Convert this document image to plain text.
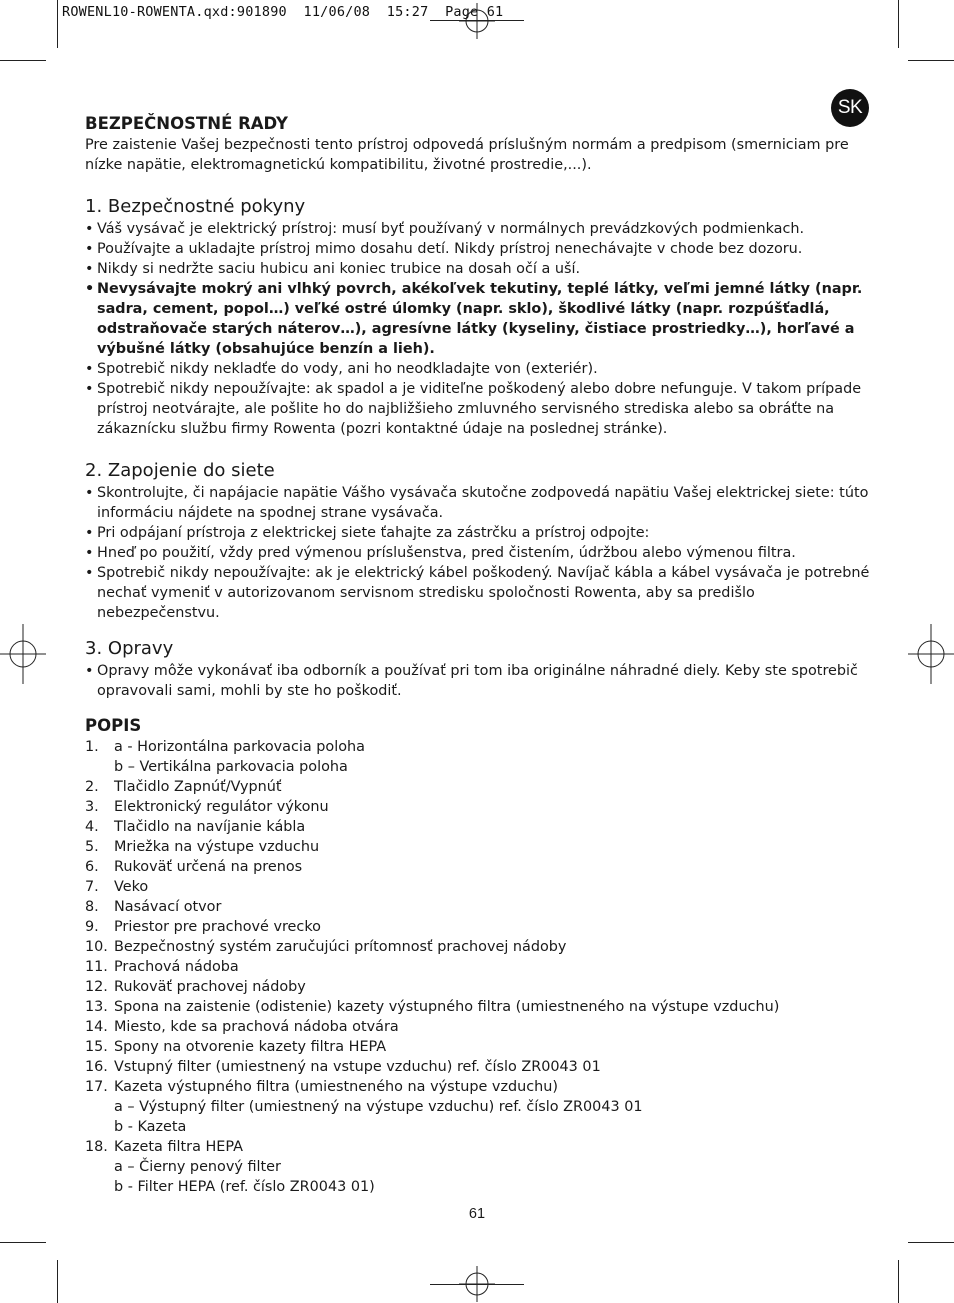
ROWENL10-ROWENTA.qxd:901890  11/06/08  15:27  Page 61
SK
BEZPEČNOSTNÉ RADY

Pre zaistenie Vašej bezpečnosti tento prístroj odpovedá príslušným normám a predpisom (smerniciam pre nízke napätie, elektromagnetickú kompatibilitu, životné prostredie,...).

1. Bezpečnostné pokyny
• Váš vysávač je elektrický prístroj: musí byť používaný v normálnych prevádzkových podmienkach.
• Používajte a ukladajte prístroj mimo dosahu detí. Nikdy prístroj nenechávajte v chode bez dozoru.
• Nikdy si nedržte saciu hubicu ani koniec trubice na dosah očí a uší.
• Nevysávajte mokrý ani vlhký povrch, akékoľvek tekutiny, teplé látky, veľmi jemné látky (napr. sadra, cement, popol…) veľké ostré úlomky (napr. sklo), škodlivé látky (napr. rozpúšťadlá, odstraňovače starých náterov…), agresívne látky (kyseliny, čistiace prostriedky…), horľavé a výbušné látky (obsahujúce benzín a lieh).
• Spotrebič nikdy nekladťe do vody, ani ho neodkladajte von (exteriér).
• Spotrebič nikdy nepoužívajte: ak spadol a je viditeľne poškodený alebo dobre nefunguje. V takom prípade prístroj neotvárajte, ale pošlite ho do najbližšieho zmluvného servisného strediska alebo sa obráťte na zákaznícku službu firmy Rowenta (pozri kontaktné údaje na poslednej stránke).
2. Zapojenie do siete
• Skontrolujte, či napájacie napätie Vášho vysávača skutočne zodpovedá napätiu Vašej elektrickej siete: túto informáciu nájdete na spodnej strane vysávača.
• Pri odpájaní prístroja z elektrickej siete ťahajte za zástrčku a prístroj odpojte:
• Hneď po použití, vždy pred výmenou príslušenstva, pred čistením, údržbou alebo výmenou filtra.
• Spotrebič nikdy nepoužívajte: ak je elektrický kábel poškodený. Navíjač kábla a kábel vysávača je potrebné nechať vymeniť v autorizovanom servisnom stredisku spoločnosti Rowenta, aby sa predišlo nebezpečenstvu.
3. Opravy
• Opravy môže vykonávať iba odborník a používať pri tom iba originálne náhradné diely. Keby ste spotrebič opravovali sami, mohli by ste ho poškodiť.
POPIS
1.	a - Horizontálna parkovacia poloha
b – Vertikálna parkovacia poloha
2.	Tlačidlo Zapnúť/Vypnúť
3.	Elektronický regulátor výkonu
4.	Tlačidlo na navíjanie kábla
5.	Mriežka na výstupe vzduchu
6.	Rukoväť určená na prenos
7.	Veko
8.	Nasávací otvor
9.	Priestor pre prachové vrecko
10. Bezpečnostný systém zaručujúci prítomnosť prachovej nádoby
11. Prachová nádoba
12. Rukoväť prachovej nádoby
13. Spona na zaistenie (odistenie) kazety výstupného filtra (umiestneného na výstupe vzduchu)
14. Miesto, kde sa prachová nádoba otvára
15. Spony na otvorenie kazety filtra HEPA
16. Vstupný filter (umiestnený na vstupe vzduchu) ref. číslo ZR0043 01
17. Kazeta výstupného filtra (umiestneného na výstupe vzduchu)
a – Výstupný filter (umiestnený na výstupe vzduchu) ref. číslo ZR0043 01
b - Kazeta
18. Kazeta filtra HEPA
a – Čierny penový filter
b - Filter HEPA (ref. číslo ZR0043 01)
61
